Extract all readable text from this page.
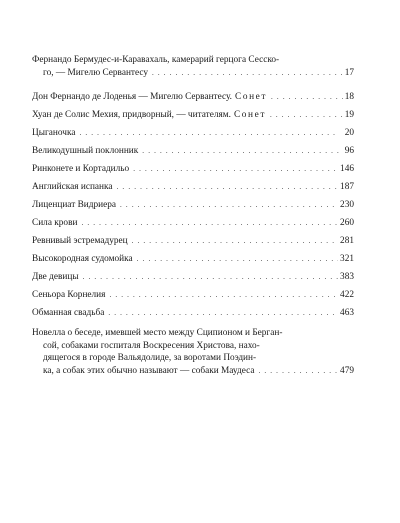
Фернандо Бермудес-и-Каравахаль, камерарий герцога Сесско-
го, — Мигелю Сервантесу . . .	17
Дон Фернандо де Лоденья — Мигелю Сервантесу. Сонет . . .	18
Хуан де Солис Мехия, придворный, — читателям. Сонет . . .	19
Цыганочка . . .	20
Великодушный поклонник . . .	96
Ринконете и Кортадильо . . .	146
Английская испанка . . .	187
Лиценциат Видриера . . .	230
Сила крови . . .	260
Ревнивый эстремадурец . . .	281
Высокородная судомойка . . .	321
Две девицы . . .	383
Сеньора Корнелия . . .	422
Обманная свадьба . . .	463
Новелла о беседе, имевшей место между Сципионом и Берган-
сой, собаками госпиталя Воскресения Христова, нахо-
дящегося в городе Вальядолиде, за воротами Поэдин-
ка, а собак этих обычно называют — собаки Маудеса . . .	479
